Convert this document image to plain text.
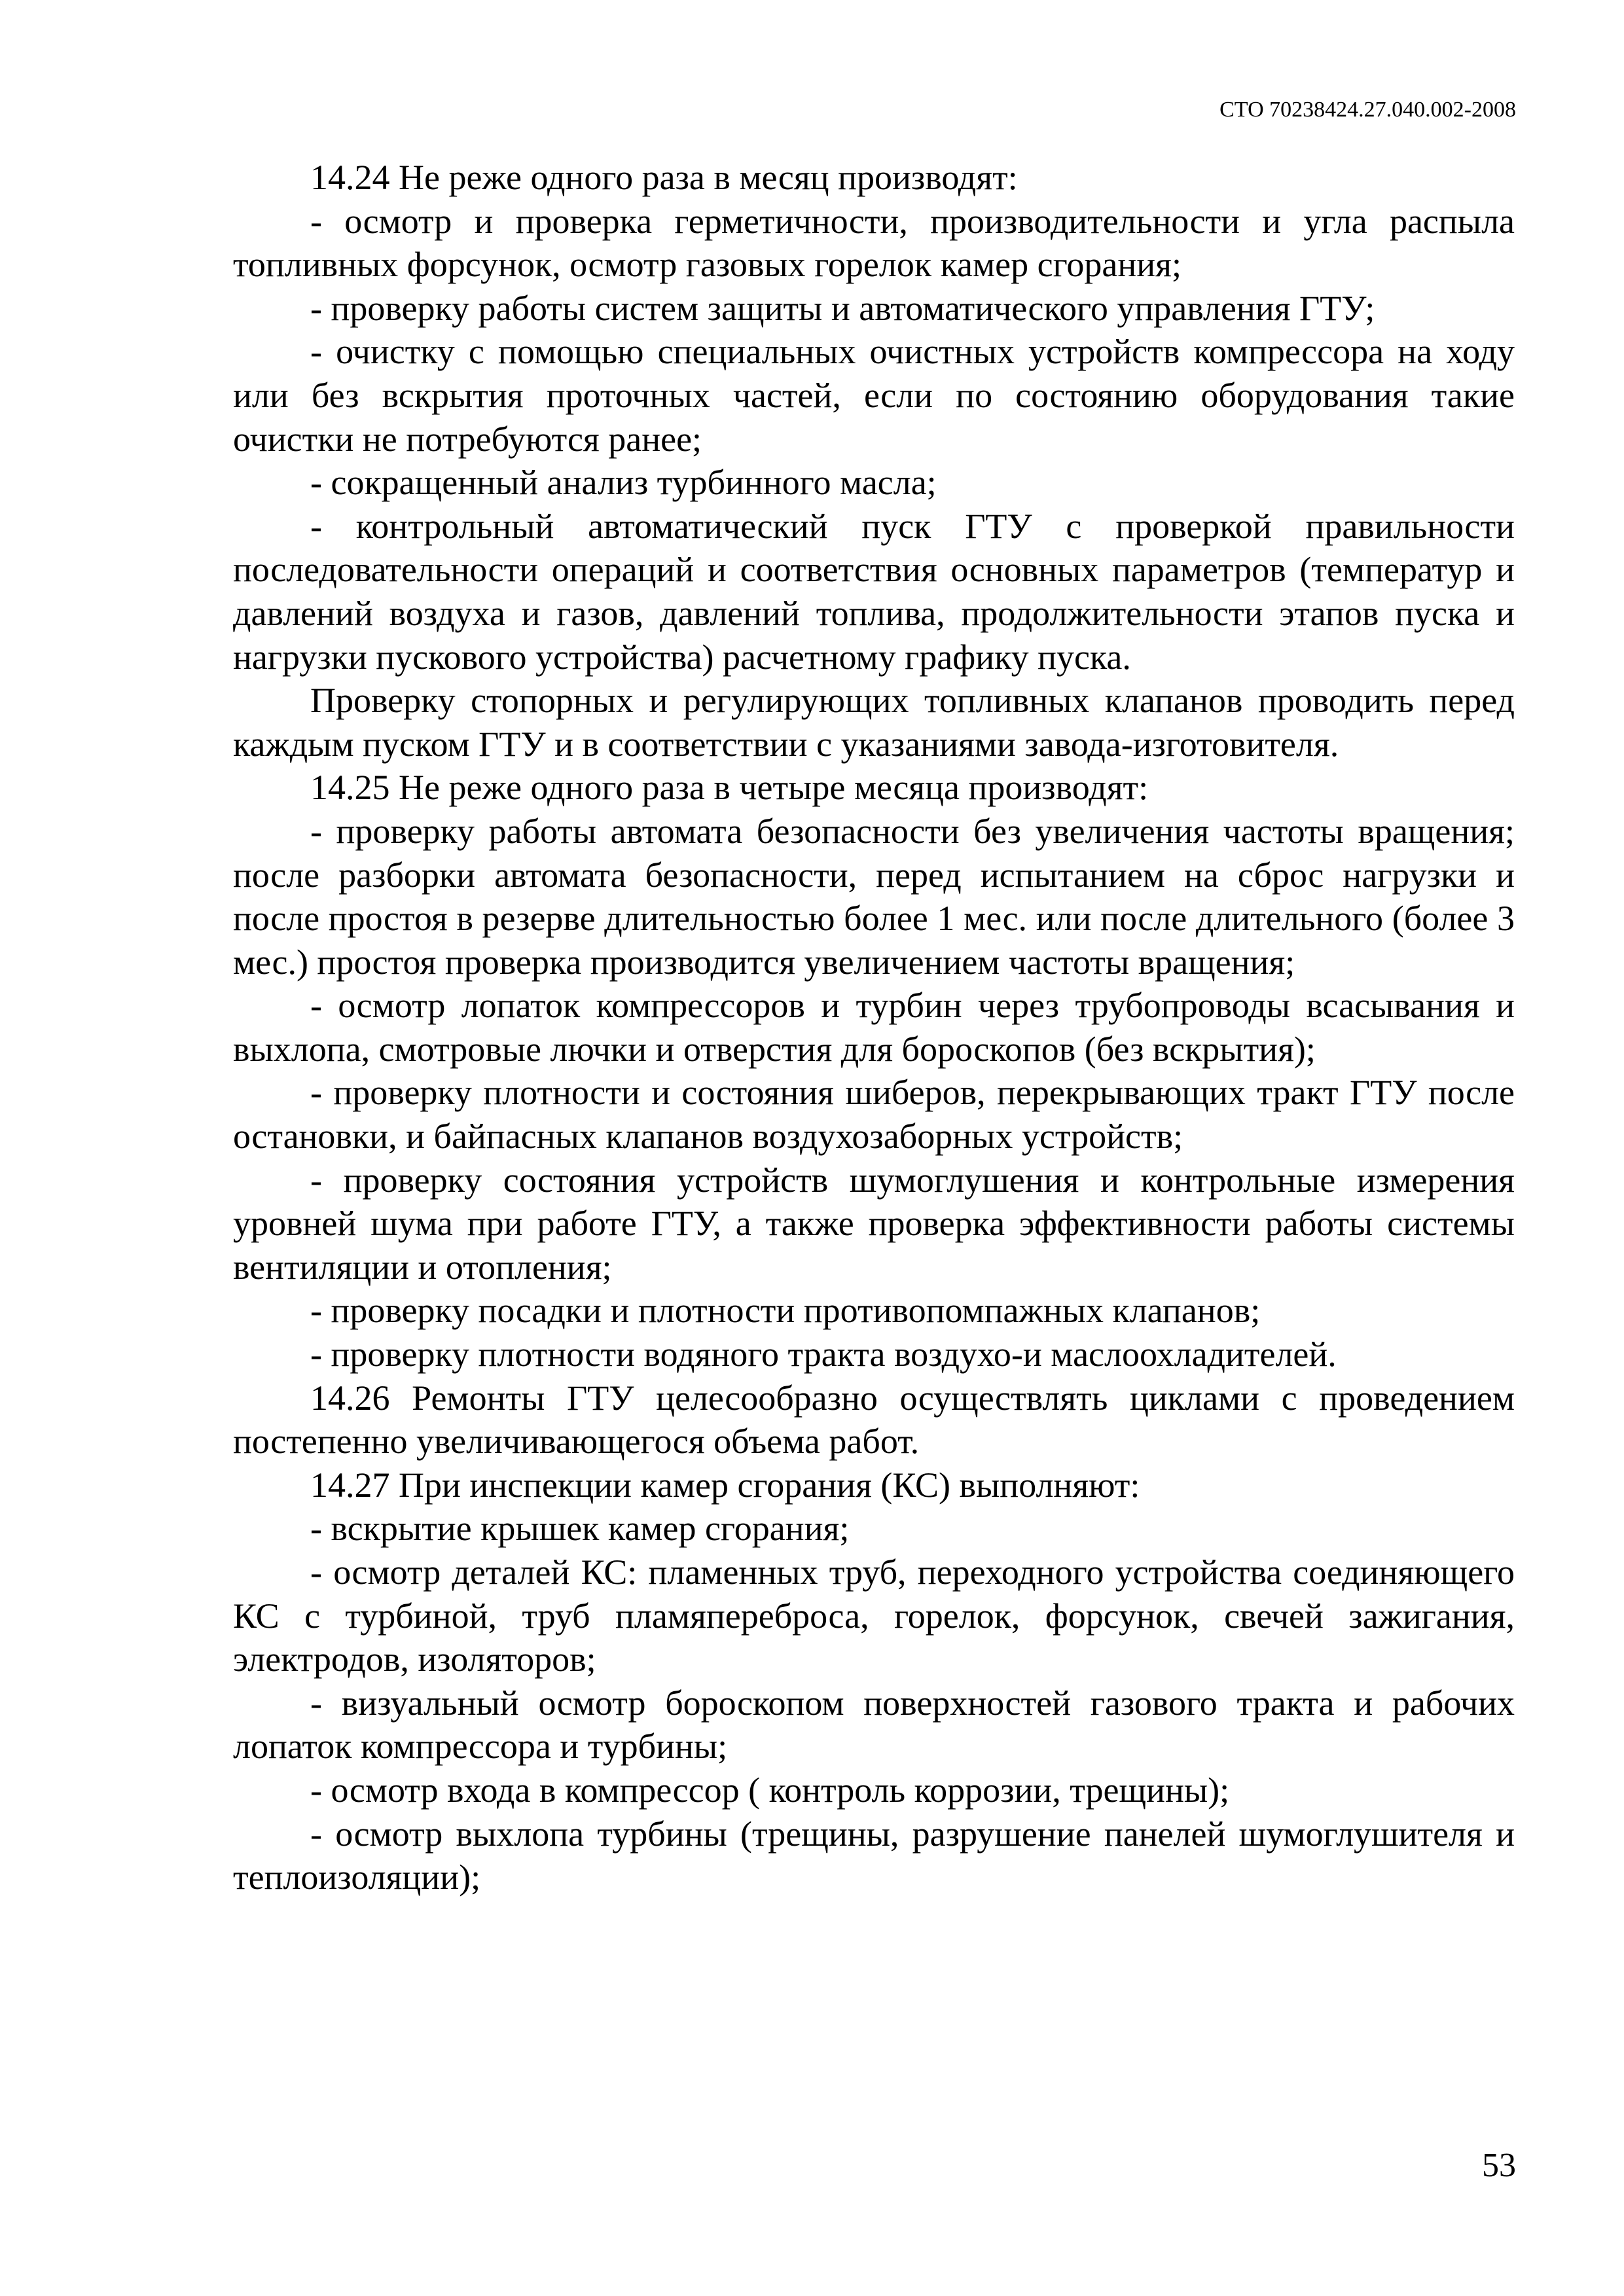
СТО 70238424.27.040.002-2008

14.24 Не реже одного раза в месяц производят:

- осмотр и проверка герметичности, производительности и угла распыла топливных форсунок, осмотр газовых горелок камер сгорания;

- проверку работы систем защиты и автоматического управления ГТУ;

- очистку с помощью специальных очистных устройств компрессора на ходу или без вскрытия проточных частей, если по состоянию оборудования такие очистки не потребуются ранее;

- сокращенный анализ турбинного масла;

- контрольный автоматический пуск ГТУ с проверкой правильности последовательности операций и соответствия основных параметров (температур и давлений воздуха и газов, давлений топлива, продолжительности этапов пуска и нагрузки пускового устройства) расчетному графику пуска.

Проверку стопорных и регулирующих топливных клапанов проводить перед каждым пуском ГТУ и в соответствии с указаниями завода-изготовителя.

14.25 Не реже одного раза в четыре месяца производят:

- проверку работы автомата безопасности без увеличения частоты вращения; после разборки автомата безопасности, перед испытанием на сброс нагрузки и после простоя в резерве длительностью более 1 мес. или после длительного (более 3 мес.) простоя проверка производится увеличением частоты вращения;

- осмотр лопаток компрессоров и турбин через трубопроводы всасывания и выхлопа, смотровые лючки и отверстия для бороскопов (без вскрытия);

- проверку плотности и состояния шиберов, перекрывающих тракт ГТУ после остановки, и байпасных клапанов воздухозаборных устройств;

- проверку состояния устройств шумоглушения и контрольные измерения уровней шума при работе ГТУ, а также проверка эффективности работы системы вентиляции и отопления;

- проверку посадки и плотности противопомпажных клапанов;

- проверку плотности водяного тракта воздухо-и маслоохладителей.

14.26 Ремонты ГТУ целесообразно осуществлять циклами с проведением постепенно увеличивающегося объема работ.

14.27 При инспекции камер сгорания (КС) выполняют:

- вскрытие крышек камер сгорания;

- осмотр деталей КС: пламенных труб, переходного устройства соединяющего КС с турбиной, труб пламяпереброса, горелок, форсунок, свечей зажигания, электродов, изоляторов;

- визуальный осмотр бороскопом поверхностей газового тракта и рабочих лопаток компрессора и турбины;

- осмотр входа в компрессор ( контроль коррозии, трещины);

- осмотр выхлопа турбины (трещины, разрушение панелей шумоглушителя и теплоизоляции);

53
